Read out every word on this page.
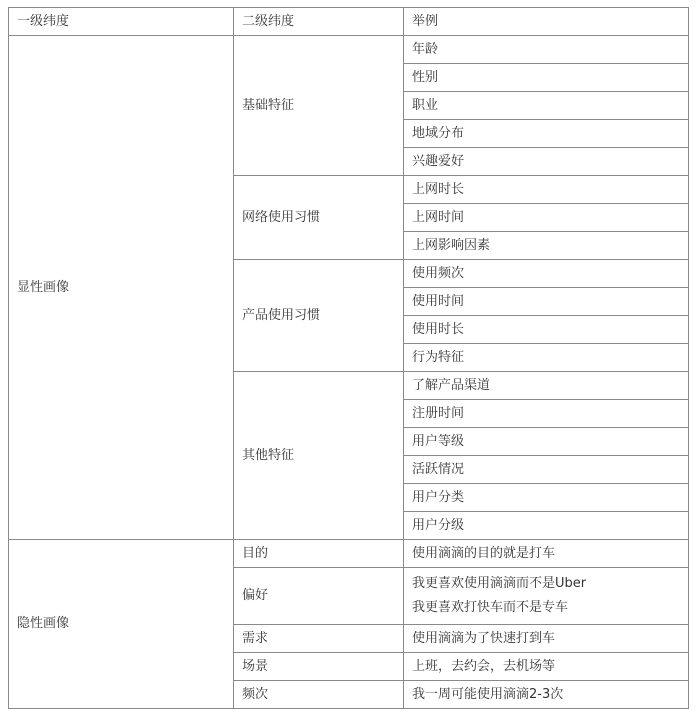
一级纬度	二级纬度	举例
显性画像	基础特征	年龄
		性别
		职业
		地域分布
		兴趣爱好
	网络使用习惯	上网时长
		上网时间
		上网影响因素
	产品使用习惯	使用频次
		使用时间
		使用时长
		行为特征
	其他特征	了解产品渠道
		注册时间
		用户等级
		活跃情况
		用户分类
		用户分级
隐性画像	目的	使用滴滴的目的就是打车
	偏好	我更喜欢使用滴滴而不是Uber
我更喜欢打快车而不是专车

	需求	使用滴滴为了快速打到车
	场景	上班，去约会，去机场等
	频次	我一周可能使用滴滴2-3次
